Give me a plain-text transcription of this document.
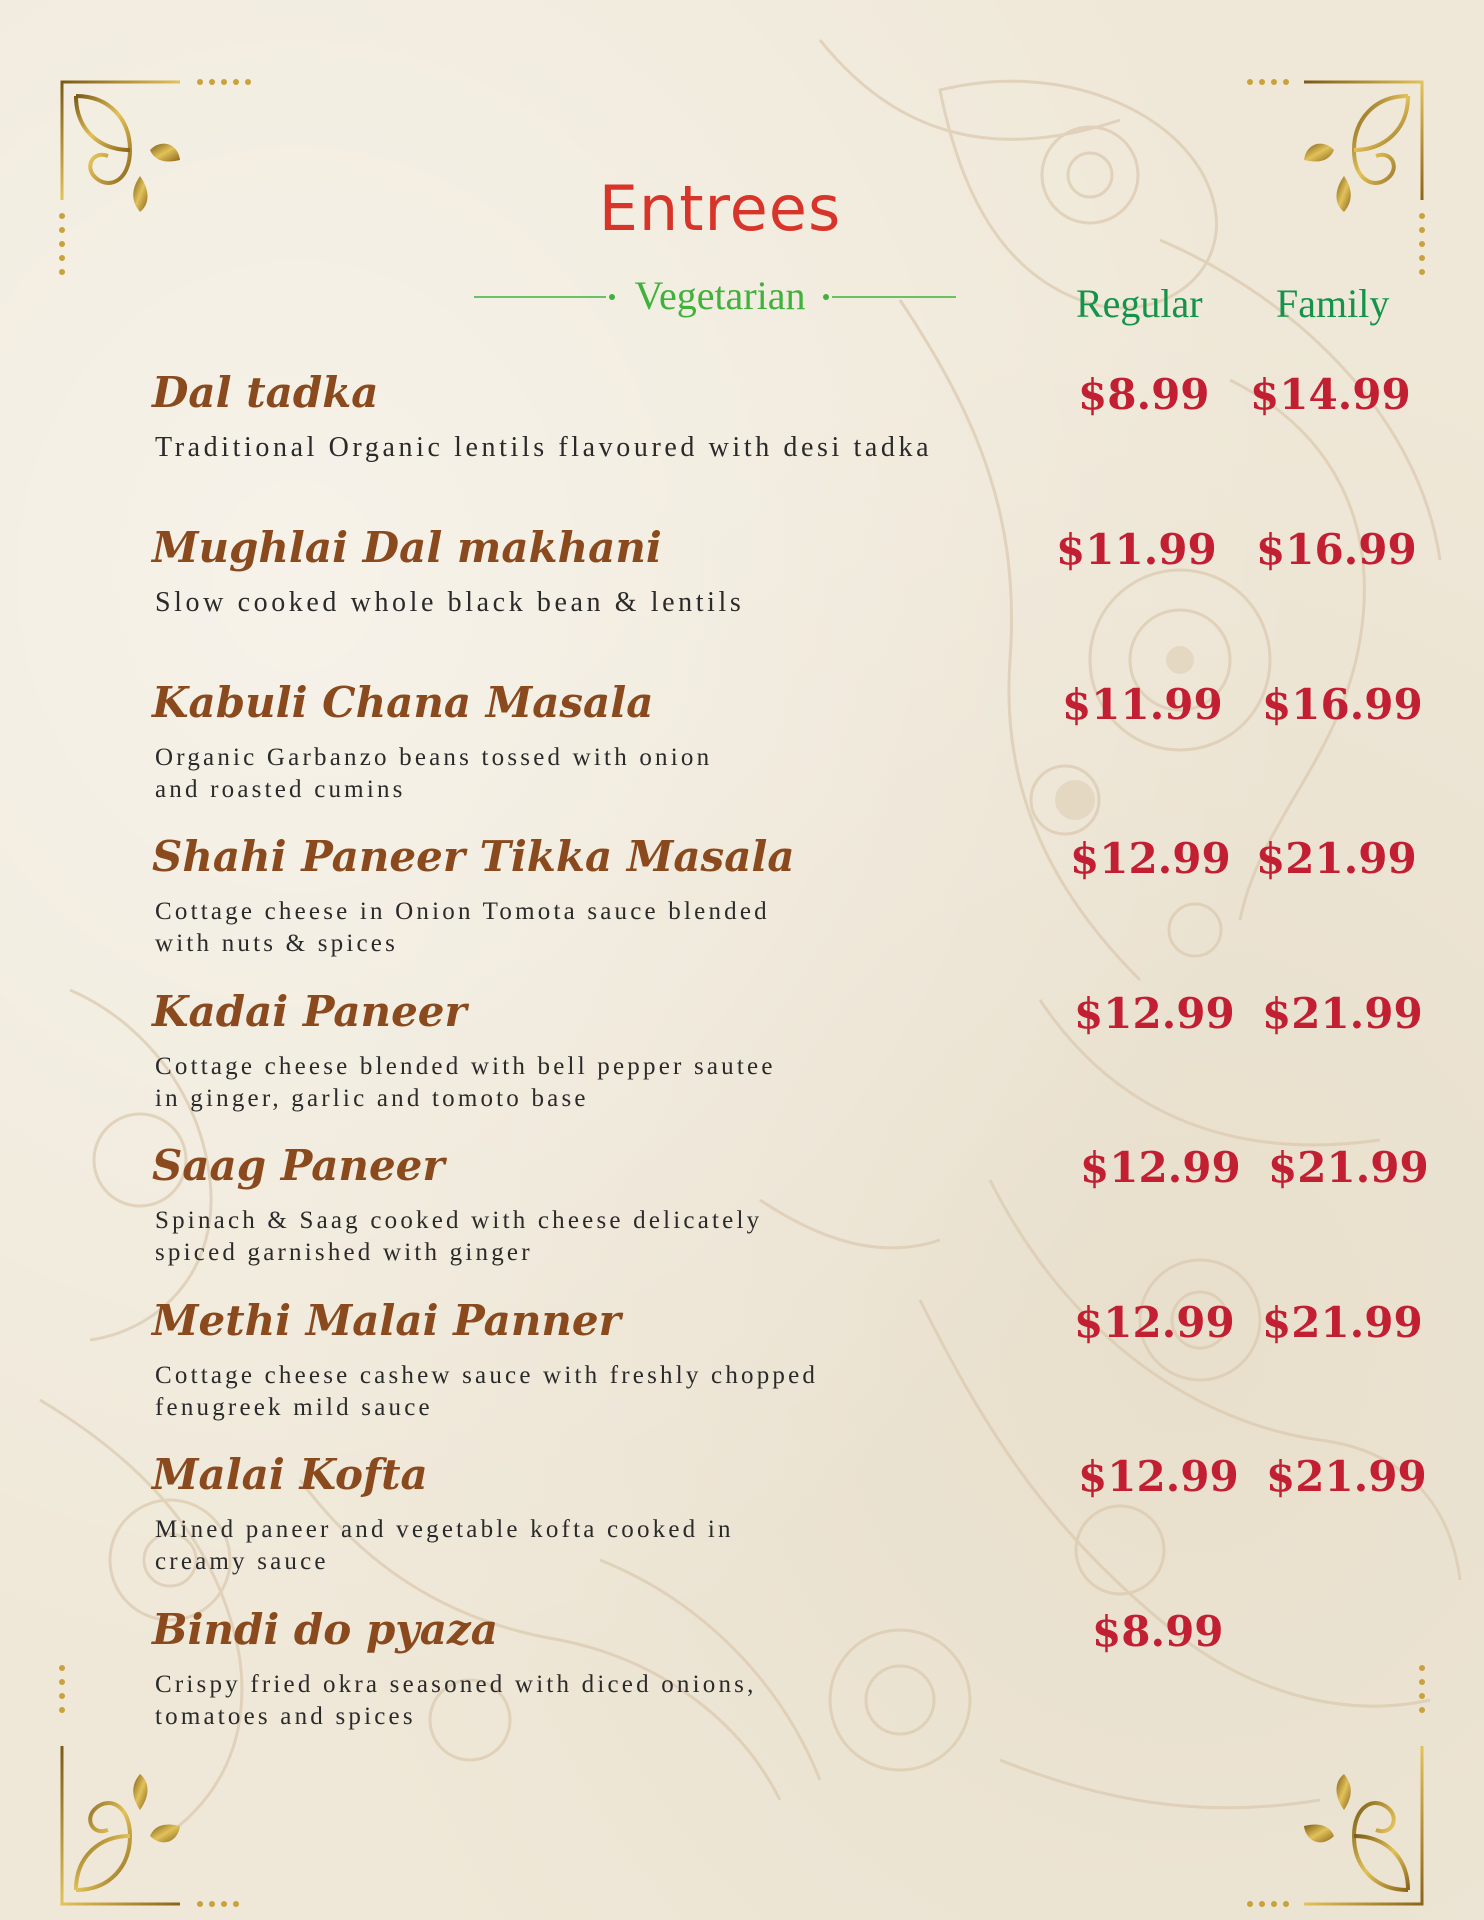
Entrees
Vegetarian	Regular Family
Dal tadka
Traditional Organic lentils flavoured with desi tadka
$8.99 $14.99
Mughlai Dal makhani
Slow cooked whole black bean & lentils
$11.99 $16.99
Kabuli Chana Masala
Organic Garbanzo beans tossed with onion
and roasted cumins
$11.99 $16.99
Shahi Paneer Tikka Masala
Cottage cheese in Onion Tomota sauce blended
with nuts & spices
$12.99 $21.99
Kadai Paneer
Cottage cheese blended with bell pepper sautee
in ginger, garlic and tomoto base
$12.99 $21.99
Saag Paneer
Spinach & Saag cooked with cheese delicately
spiced garnished with ginger
$12.99 $21.99
Methi Malai Panner
Cottage cheese cashew sauce with freshly chopped
fenugreek mild sauce
$12.99 $21.99
Malai Kofta
Mined paneer and vegetable kofta cooked in
creamy sauce
$12.99 $21.99
Bindi do pyaza
Crispy fried okra seasoned with diced onions,
tomatoes and spices
$8.99
